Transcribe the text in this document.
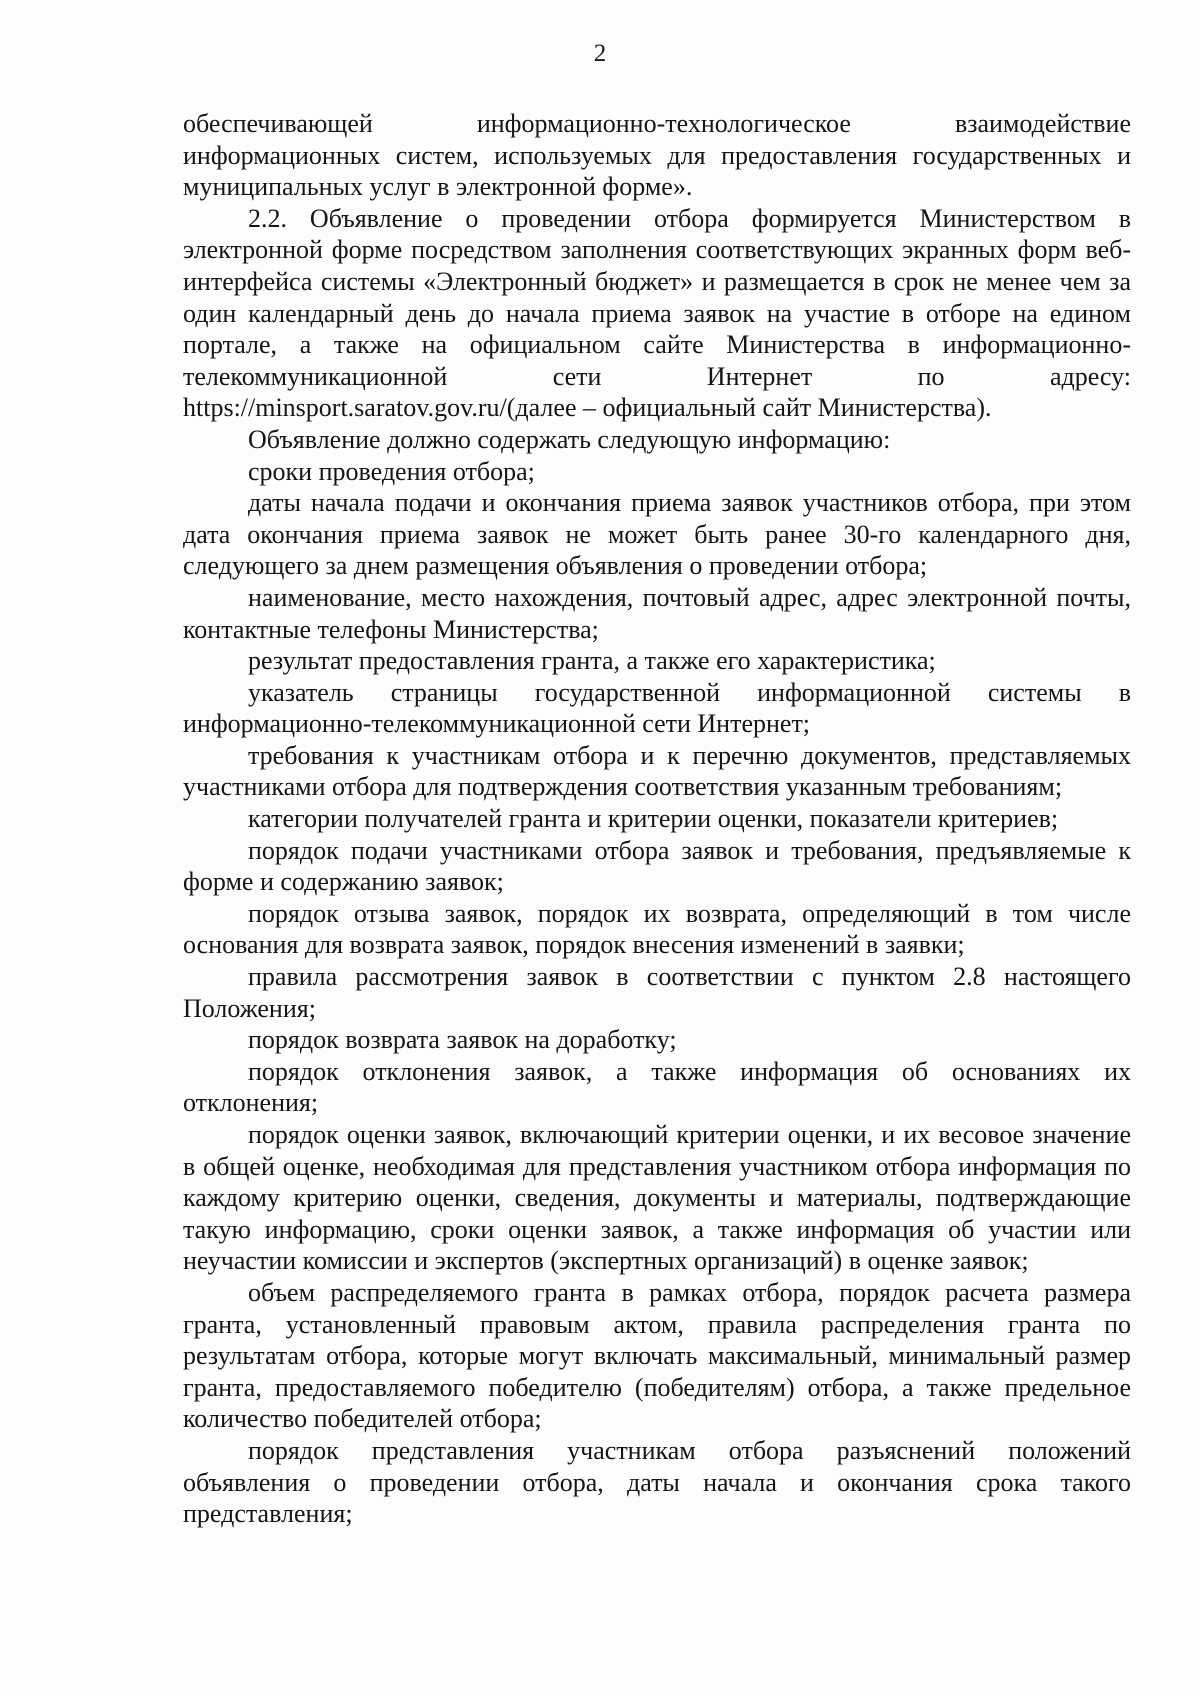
2

обеспечивающей информационно-технологическое взаимодействие информационных систем, используемых для предоставления государственных и муниципальных услуг в электронной форме».

2.2. Объявление о проведении отбора формируется Министерством в электронной форме посредством заполнения соответствующих экранных форм веб-интерфейса системы «Электронный бюджет» и размещается в срок не менее чем за один календарный день до начала приема заявок на участие в отборе на едином портале, а также на официальном сайте Министерства в информационно-телекоммуникационной сети Интернет по адресу: https://minsport.saratov.gov.ru/(далее – официальный сайт Министерства).

Объявление должно содержать следующую информацию:

сроки проведения отбора;

даты начала подачи и окончания приема заявок участников отбора, при этом дата окончания приема заявок не может быть ранее 30-го календарного дня, следующего за днем размещения объявления о проведении отбора;

наименование, место нахождения, почтовый адрес, адрес электронной почты, контактные телефоны Министерства;

результат предоставления гранта, а также его характеристика;

указатель страницы государственной информационной системы в информационно-телекоммуникационной сети Интернет;

требования к участникам отбора и к перечню документов, представляемых участниками отбора для подтверждения соответствия указанным требованиям;

категории получателей гранта и критерии оценки, показатели критериев;

порядок подачи участниками отбора заявок и требования, предъявляемые к форме и содержанию заявок;

порядок отзыва заявок, порядок их возврата, определяющий в том числе основания для возврата заявок, порядок внесения изменений в заявки;

правила рассмотрения заявок в соответствии с пунктом 2.8 настоящего Положения;

порядок возврата заявок на доработку;

порядок отклонения заявок, а также информация об основаниях их отклонения;

порядок оценки заявок, включающий критерии оценки, и их весовое значение в общей оценке, необходимая для представления участником отбора информация по каждому критерию оценки, сведения, документы и материалы, подтверждающие такую информацию, сроки оценки заявок, а также информация об участии или неучастии комиссии и экспертов (экспертных организаций) в оценке заявок;

объем распределяемого гранта в рамках отбора, порядок расчета размера гранта, установленный правовым актом, правила распределения гранта по результатам отбора, которые могут включать максимальный, минимальный размер гранта, предоставляемого победителю (победителям) отбора, а также предельное количество победителей отбора;

порядок представления участникам отбора разъяснений положений объявления о проведении отбора, даты начала и окончания срока такого представления;
